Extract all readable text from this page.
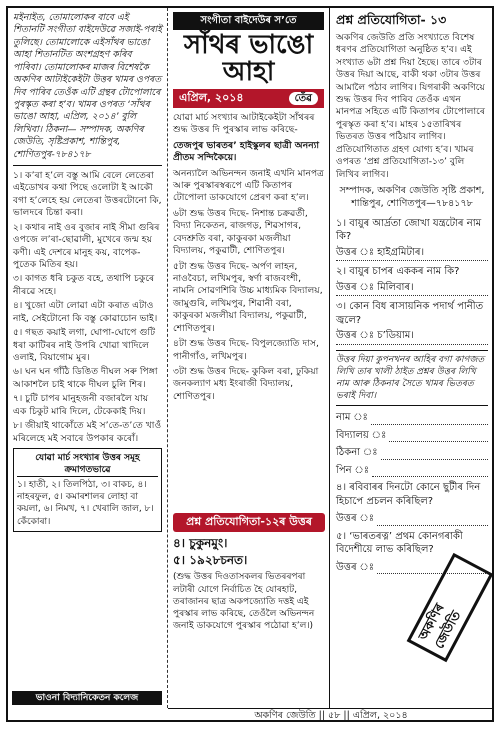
মইনাইত, তোমালোকৰ বাবে এই শিতানটি সংগীতা বাইদেউৱে সজাই-পৰাই তুলিছে। তোমালোকে এইসাঁথৰ ভাঙো আহা শিতানটিত অংশগ্ৰহণ কৰিব পাৰিবা। তোমালোকৰ মাজৰ বিশেষকৈ অকণিৰ আটাইকেইটা উত্তৰ খামৰ ওপৰত দিব পাৰিব তেওঁক এটি গ্ৰন্থৰ টোপোলাৰে পুৰস্কৃত কৰা হ’ব। খামৰ ওপৰত ‘সাঁথৰ ভাঙো আহা, এপ্ৰিল, ২০১৪’ বুলি লিখিবা। ঠিকনা— সম্পাদক, অকণিৰ জেউতি, সৃষ্টিপ্ৰকাশ, শান্তিপুৰ, শোণিতপুৰ-৭৮৪১৭৮

১। ক’ৰা হ’লে বস্তু আমি বেলে লেতেৰা এইডোখৰ কথা পিছে ওলোটা ই আকৌ বগা হ’লেহে হয় লেতেৰা উত্তৰটোনো কি, ভালদৰে চিন্তা কৰা।

২। কথাৰ নাই ওৰ বুজাৰ নাই সীমা গুৰিৰ ওপজে ল’ৰা-ছোৱালী, মুখেৰে জন্ম হয় কণী। এই দেশৰে মানুহ কয়, বাপেক-পুতেক মিতিৰ হয়।

৩। কাগত ধৰি চকুত বহে, তথাপি চকুৰে নীৰৱে সহে।

৪। খুজো এটা লোৱা এটা কৰাত এটাও নাই, সেইটোনো কি বস্তু কোৱাচোন ভাই।

৫। গছত কয়াই লগা, ঘোপা-ঘোপে গুটি ধৰা কাটিৰৰ নাই উপৰি খোৱা খাদিলে ওলাই, বিয়াগোম মুৰ।

৬। ঘন ঘন গাঁঠি ডিঙিত দীঘল সৰু পিঙ্গা আকাশলৈ চাই থাকে দীঘল চুলি শিৰ।

৭। চুটি চাপৰ মানুহজনী বজাৰলৈ যায় এক চিকুট মাৰি দিলে, টেকেকাই দিয়।

৮। জীয়াই থাকোঁতে মই স’তে-ত’তে খাওঁ মৰিলেহে মই সবাৰে উপকাৰ কৰোঁ।

যোৱা মাৰ্চ সংখ্যাৰ উত্তৰ সমূহ ক্ৰমাগতভাৱে
১। হাতী, ২। তিলপিঠা, ৩। বাকচ, ৪। নাহৰফুল, ৫। কমাৰশালৰ লোহা বা কয়লা, ৬। নিমখ, ৭। খেৰালি জাল, ৮। কেঁকোৰা।
ভাওনা বিদ্যানিকেতন কলেজ
সংগীতা বাইদেউৰ স’তে
সাঁথৰ ভাঙো আহা
এপ্ৰিল, ২০১৪	তেঁৱ

যোৱা মাৰ্চ সংখ্যাৰ আটাইকেইটা সাঁথৰৰ শুদ্ধ উত্তৰ দি পুৰস্কাৰ লাভ কৰিছে-

তেজপুৰ ভাৰতৰ’ হাইস্কুলৰ ছাত্ৰী অনন্যা প্ৰীতম সন্দিকৈয়ে।

অনন্যালৈ অভিনন্দন জনাই এখনি মানপত্ৰ আৰু পুৰস্কাৰস্বৰূপে এটি কিতাপৰ টোপোলা ডাকযোগে প্ৰেৰণ কৰা হ’ল।

৬টা শুদ্ধ উত্তৰ দিছে- নিশান্ত চক্ৰৱৰ্তী, বিদ্যা নিকেতন, ৰাজগড়, শিৱসাগৰ, বেদশ্ৰুতি বৰা, কাকুৰকা মজলীয়া বিদ্যালয়, পকুৱাটী, শোণিতপুৰ।

৫টা শুদ্ধ উত্তৰ দিছে- অৰ্পণ লাহন, নাওবৈচা, লখিমপুৰ, স্বৰ্ণা ৰাজবংশী, নামনি সোৱণশিৰি উচ্চ মাধ্যমিক বিদ্যালয়, জামুগুৰি, লখিমপুৰ, শিৱানী বৰা, কাকুৰকা মজলীয়া বিদ্যালয়, পকুৱাটী, শোণিতপুৰ।

৪টা শুদ্ধ উত্তৰ দিছে- বিপুলজ্যোতি দাস, পানীগাঁও, লখিমপুৰ।

৩টা শুদ্ধ উত্তৰ দিছে- কুকিল বৰা, ঢুকিয়া জনকল্যাণ মধ্য ইংৰাজী বিদ্যালয়, শোণিতপুৰ।

প্ৰশ্ন প্ৰতিযোগিতা-১২ৰ উত্তৰ
৪। চুকুনমুং।
৫। ১৯২৮চনত।
(শুদ্ধ উত্তৰ দিওতাসকলৰ ভিতৰৰপৰা লটাৰী যোগে নিৰ্বাচিত হৈ যোৰহাট, তৰাজানৰ ছাত্ৰ অকপজ্যোতি দত্তই এই পুৰস্কাৰ লাভ কৰিছে, তেওঁলৈ অভিনন্দন জনাই ডাকযোগে পুৰস্কাৰ পঠোৱা হ’ল।)
প্ৰশ্ন প্ৰতিযোগিতা- ১৩
অকণিৰ জেউতি প্ৰতি সংখ্যাতে বিশেষ ধৰণৰ প্ৰতিযোগিতা অনুষ্ঠিত হ’ব। এই সংখ্যাত ৬টা প্ৰশ্ন দিয়া হৈছে। তাৰে ৩টাৰ উত্তৰ দিয়া আছে, বাকী থকা ৩টাৰ উত্তৰ আমালৈ পঠাব লাগিব। যিগৰাকী অকণিয়ে শুদ্ধ উত্তৰ দিব পাৰিব তেওঁক এখন মানপত্ৰ সহিতে এটি কিতাপৰ টোপোলাৰে পুৰস্কৃত কৰা হ’ব। মাহৰ ১৫তাৰিখৰ ভিতৰত উত্তৰ পঠিয়াব লাগিব। প্ৰতিযোগিতাত গ্ৰহণ যোগ্য হ’ব। খামৰ ওপৰত ‘প্ৰশ্ন প্ৰতিযোগিতা-১৩’ বুলি লিখিব লাগিব।
সম্পাদক, অকণিৰ জেউতি সৃষ্টি প্ৰকাশ, শান্তিপুৰ, শোণিতপুৰ—৭৮৪১৭৮
১। বায়ুৰ আৰ্দ্ৰতা জোখা যন্ত্ৰটোৰ নাম কি?
উত্তৰ ঃ হাইগ্ৰমিটাৰ।
২। বায়ুৰ চাপৰ এককৰ নাম কি?
উত্তৰ ঃ মিলিবাৰ।
৩। কোন বিধ ৰাসায়নিক পদাৰ্থ পানীত জ্বলে?
উত্তৰ ঃ চ’ডিয়াম।
উত্তৰ দিয়া কুপনখনৰ আহিৰ বগা কাগজত লিখি তাৰ খালী ঠাইত প্ৰশ্নৰ উত্তৰ লিখি নাম আৰু ঠিকনাৰ সৈতে খামৰ ভিতৰত ভৰাই দিবা।
নাম ঃ
বিদ্যালয় ঃ
ঠিকনা ঃ
পিন ঃ
৪। ৰবিবাৰৰ দিনটো কোনে ছুটীৰ দিন হিচাপে প্ৰচলন কৰিছিল?
উত্তৰ ঃ
৫। ‘ভাৰতৰত্ন’ প্ৰথম কোনগৰাকী বিদেশীয়ে লাভ কৰিছিল?
উত্তৰ ঃ
অকণিৰ জেউতি || ৫৮ || এপ্ৰিল, ২০১৪
অকণিৰ জেউতি
